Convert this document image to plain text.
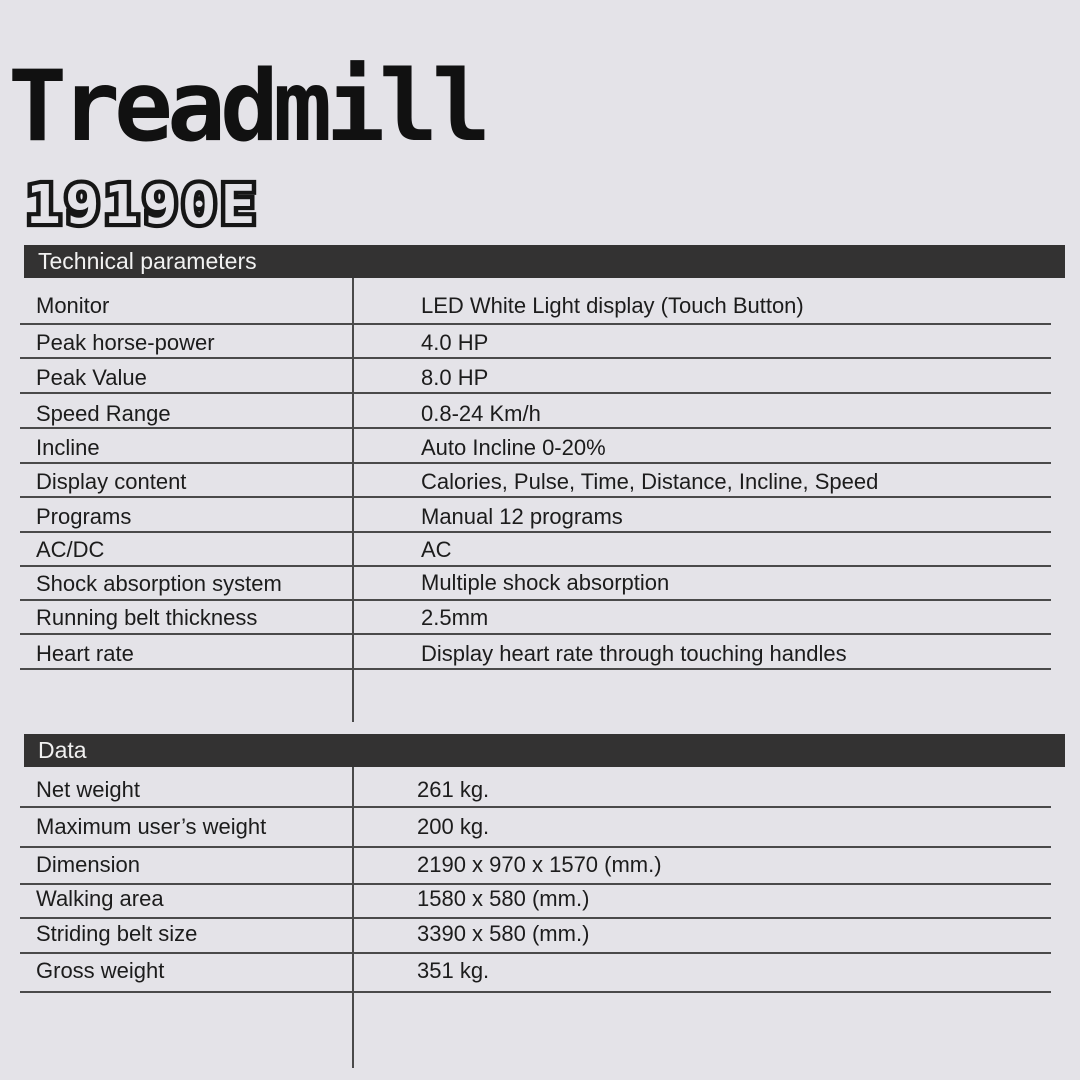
Treadmill
19190E
Technical parameters
Monitor	LED White Light display (Touch Button)
Peak horse-power	4.0 HP
Peak Value	8.0 HP
Speed Range	0.8-24 Km/h
Incline	Auto Incline 0-20%
Display content	Calories, Pulse, Time, Distance, Incline, Speed
Programs	Manual 12 programs
AC/DC	AC
Shock absorption system	Multiple shock absorption
Running belt thickness	2.5mm
Heart rate	Display heart rate through touching handles
Data
Net weight	261 kg.
Maximum user’s weight	200 kg.
Dimension	2190 x 970 x 1570 (mm.)
Walking area	1580 x 580 (mm.)
Striding belt size	3390 x 580 (mm.)
Gross weight	351 kg.
